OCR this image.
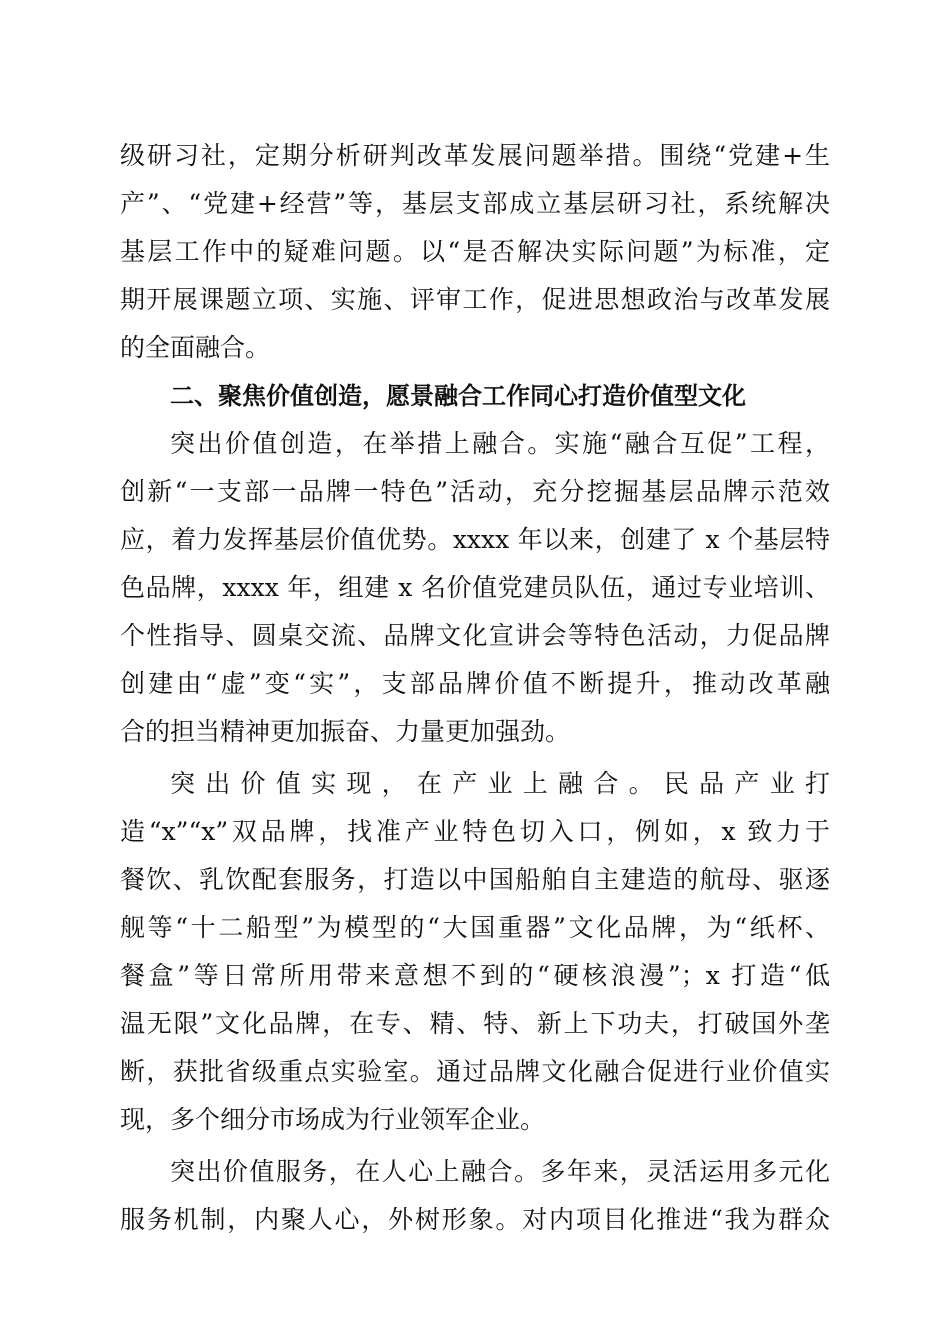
级研习社，定期分析研判改革发展问题举措。围绕“党建+生
产”、“党建+经营”等，基层支部成立基层研习社，系统解决
基层工作中的疑难问题。以“是否解决实际问题”为标准，定
期开展课题立项、实施、评审工作，促进思想政治与改革发展
的全面融合。
二、聚焦价值创造，愿景融合工作同心打造价值型文化
突出价值创造，在举措上融合。实施“融合互促”工程，
创新“一支部一品牌一特色”活动，充分挖掘基层品牌示范效
应，着力发挥基层价值优势。xxxx 年以来，创建了 x 个基层特
色品牌，xxxx 年，组建 x 名价值党建员队伍，通过专业培训、
个性指导、圆桌交流、品牌文化宣讲会等特色活动，力促品牌
创建由“虚”变“实”，支部品牌价值不断提升，推动改革融
合的担当精神更加振奋、力量更加强劲。
突出价值实现，在产业上融合。民品产业打
造“x”“x”双品牌，找准产业特色切入口，例如，x 致力于
餐饮、乳饮配套服务，打造以中国船舶自主建造的航母、驱逐
舰等“十二船型”为模型的“大国重器”文化品牌，为“纸杯、
餐盒”等日常所用带来意想不到的“硬核浪漫”；x 打造“低
温无限”文化品牌，在专、精、特、新上下功夫，打破国外垄
断，获批省级重点实验室。通过品牌文化融合促进行业价值实
现，多个细分市场成为行业领军企业。
突出价值服务，在人心上融合。多年来，灵活运用多元化
服务机制，内聚人心，外树形象。对内项目化推进“我为群众
